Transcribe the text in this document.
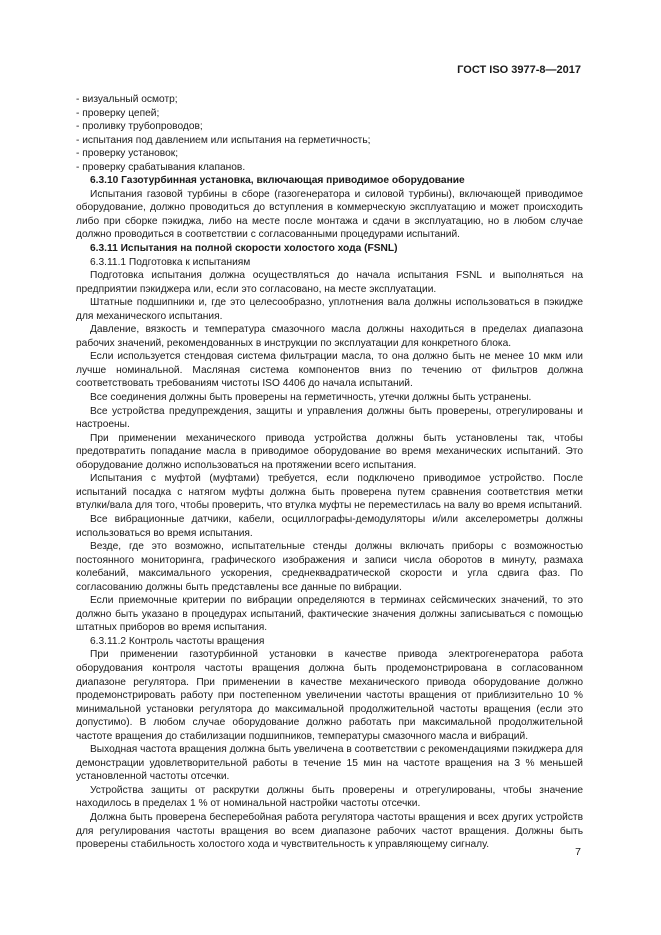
ГОСТ ISO 3977-8—2017

- визуальный осмотр;

- проверку цепей;

- проливку трубопроводов;

- испытания под давлением или испытания на герметичность;

- проверку установок;

- проверку срабатывания клапанов.

6.3.10 Газотурбинная установка, включающая приводимое оборудование

Испытания газовой турбины в сборе (газогенератора и силовой турбины), включающей приводимое оборудование, должно проводиться до вступления в коммерческую эксплуатацию и может происходить либо при сборке пэкиджа, либо на месте после монтажа и сдачи в эксплуатацию, но в любом случае должно проводиться в соответствии с согласованными процедурами испытаний.

6.3.11 Испытания на полной скорости холостого хода (FSNL)

6.3.11.1 Подготовка к испытаниям

Подготовка испытания должна осуществляться до начала испытания FSNL и выполняться на предприятии пэкиджера или, если это согласовано, на месте эксплуатации.

Штатные подшипники и, где это целесообразно, уплотнения вала должны использоваться в пэкидже для механического испытания.

Давление, вязкость и температура смазочного масла должны находиться в пределах диапазона рабочих значений, рекомендованных в инструкции по эксплуатации для конкретного блока.

Если используется стендовая система фильтрации масла, то она должно быть не менее 10 мкм или лучше номинальной. Масляная система компонентов вниз по течению от фильтров должна соответствовать требованиям чистоты ISO 4406 до начала испытаний.

Все соединения должны быть проверены на герметичность, утечки должны быть устранены.

Все устройства предупреждения, защиты и управления должны быть проверены, отрегулированы и настроены.

При применении механического привода устройства должны быть установлены так, чтобы предотвратить попадание масла в приводимое оборудование во время механических испытаний. Это оборудование должно использоваться на протяжении всего испытания.

Испытания с муфтой (муфтами) требуется, если подключено приводимое устройство. После испытаний посадка с натягом муфты должна быть проверена путем сравнения соответствия метки втулки/вала для того, чтобы проверить, что втулка муфты не переместилась на валу во время испытаний.

Все вибрационные датчики, кабели, осциллографы-демодуляторы и/или акселерометры должны использоваться во время испытания.

Везде, где это возможно, испытательные стенды должны включать приборы с возможностью постоянного мониторинга, графического изображения и записи числа оборотов в минуту, размаха колебаний, максимального ускорения, среднеквадратической скорости и угла сдвига фаз. По согласованию должны быть представлены все данные по вибрации.

Если приемочные критерии по вибрации определяются в терминах сейсмических значений, то это должно быть указано в процедурах испытаний, фактические значения должны записываться с помощью штатных приборов во время испытания.

6.3.11.2 Контроль частоты вращения

При применении газотурбинной установки в качестве привода электрогенератора работа оборудования контроля частоты вращения должна быть продемонстрирована в согласованном диапазоне регулятора. При применении в качестве механического привода оборудование должно продемонстрировать работу при постепенном увеличении частоты вращения от приблизительно 10 % минимальной установки регулятора до максимальной продолжительной частоты вращения (если это допустимо). В любом случае оборудование должно работать при максимальной продолжительной частоте вращения до стабилизации подшипников, температуры смазочного масла и вибраций.

Выходная частота вращения должна быть увеличена в соответствии с рекомендациями пэкиджера для демонстрации удовлетворительной работы в течение 15 мин на частоте вращения на 3 % меньшей установленной частоты отсечки.

Устройства защиты от раскрутки должны быть проверены и отрегулированы, чтобы значение находилось в пределах 1 % от номинальной настройки частоты отсечки.

Должна быть проверена бесперебойная работа регулятора частоты вращения и всех других устройств для регулирования частоты вращения во всем диапазоне рабочих частот вращения. Должны быть проверены стабильность холостого хода и чувствительность к управляющему сигналу.

7
